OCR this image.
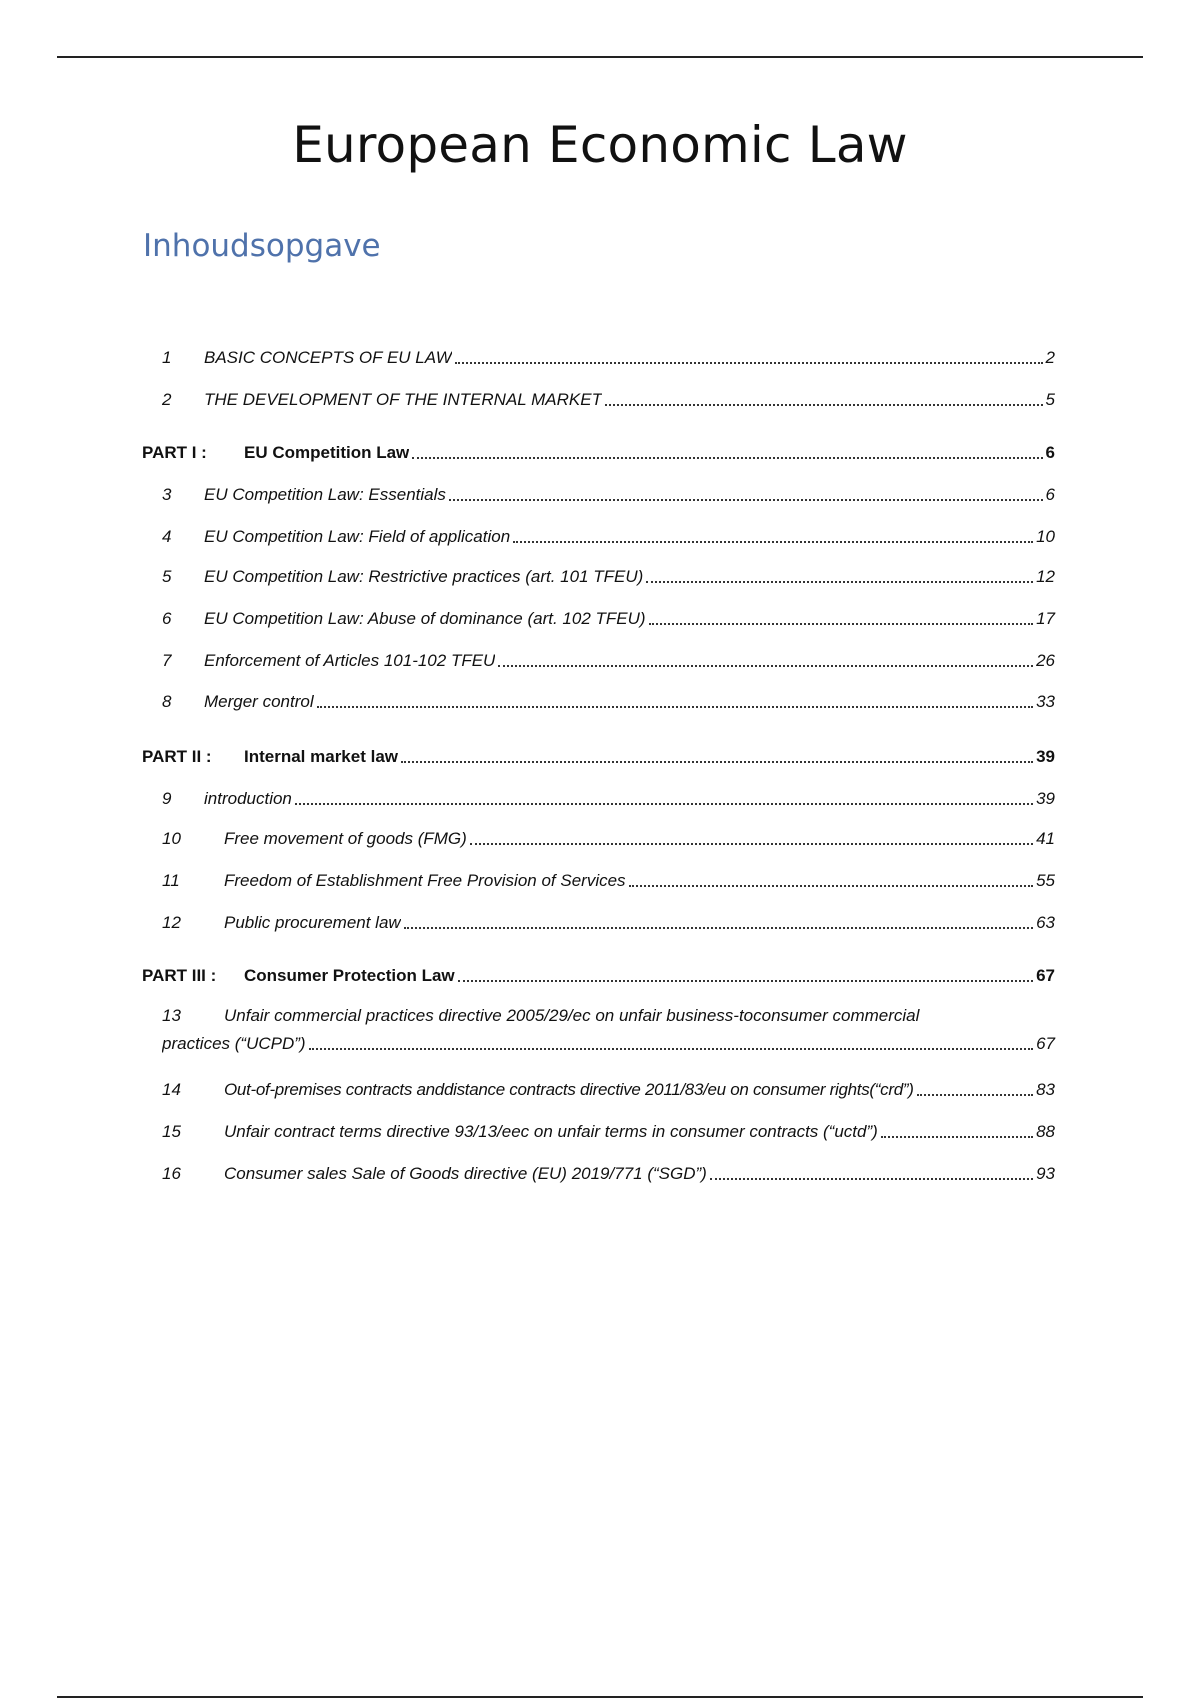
European Economic Law
Inhoudsopgave
1	BASIC CONCEPTS OF EU LAW	2
2	THE DEVELOPMENT OF THE INTERNAL MARKET	5
PART I :	EU Competition Law	6
3	EU Competition Law: Essentials	6
4	EU Competition Law: Field of application	10
5	EU Competition Law: Restrictive practices (art. 101 TFEU)	12
6	EU Competition Law: Abuse of dominance (art. 102 TFEU)	17
7	Enforcement of Articles 101-102 TFEU	26
8	Merger control	33
PART II :	Internal market law	39
9	introduction	39
10	Free movement of goods (FMG)	41
11	Freedom of Establishment Free Provision of Services	55
12	Public procurement law	63
PART III :	Consumer Protection Law	67
13	Unfair commercial practices directive 2005/29/ec on unfair business-toconsumer commercial
practices (“UCPD”)	67
14	Out-of-premises contracts anddistance contracts directive 2011/83/eu on consumer rights(“crd”)	83
15	Unfair contract terms directive 93/13/eec on unfair terms in consumer contracts (“uctd”)	88
16	Consumer sales Sale of Goods directive (EU) 2019/771 (“SGD”)	93
